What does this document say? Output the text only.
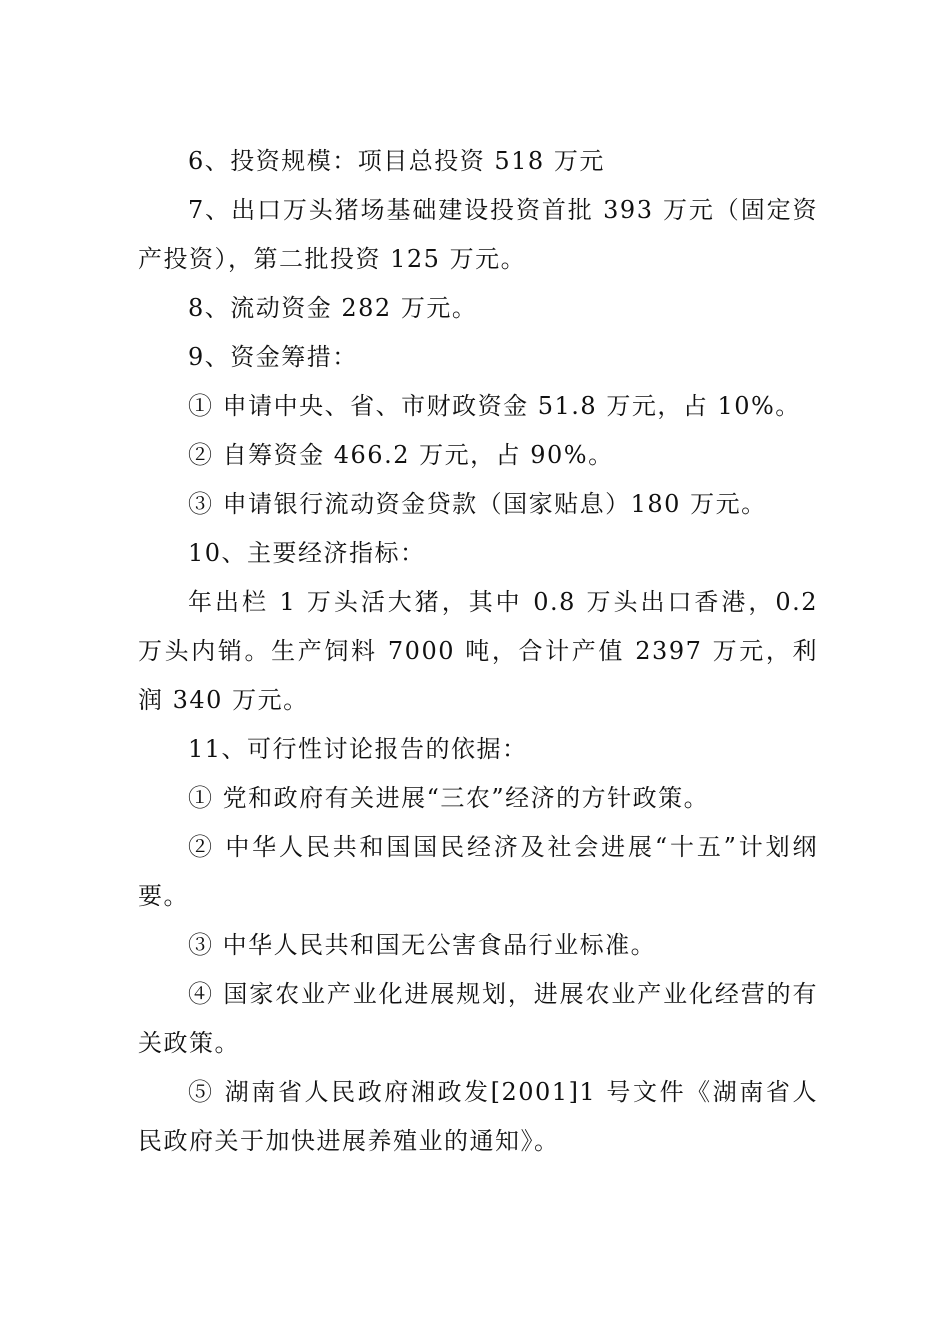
6、投资规模：项目总投资 518 万元

7、出口万头猪场基础建设投资首批 393 万元（固定资产投资），第二批投资 125 万元。

8、流动资金 282 万元。

9、资金筹措：

① 申请中央、省、市财政资金 51.8 万元，占 10%。

② 自筹资金 466.2 万元，占 90%。

③ 申请银行流动资金贷款（国家贴息）180 万元。

10、主要经济指标：

年出栏 1 万头活大猪，其中 0.8 万头出口香港，0.2 万头内销。生产饲料 7000 吨，合计产值 2397 万元，利润 340 万元。

11、可行性讨论报告的依据：

① 党和政府有关进展“三农”经济的方针政策。

② 中华人民共和国国民经济及社会进展“十五”计划纲要。

③ 中华人民共和国无公害食品行业标准。

④ 国家农业产业化进展规划，进展农业产业化经营的有关政策。

⑤ 湖南省人民政府湘政发[2001]1 号文件《湖南省人民政府关于加快进展养殖业的通知》。
